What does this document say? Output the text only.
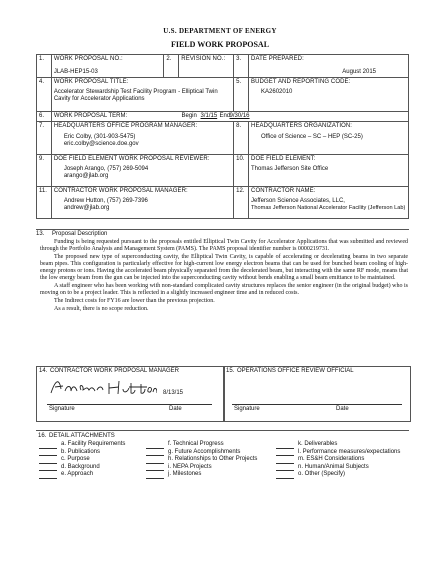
U.S. DEPARTMENT OF ENERGY
FIELD WORK PROPOSAL
1.	WORK PROPOSAL NO.:
JLAB-HEP15-03	2.	REVISION NO.:	3.	DATE PREPARED:
August 2015

4.	WORK PROPOSAL TITLE:
Accelerator Stewardship Test Facility Program - Elliptical Twin Cavity for Accelerator Applications			5.	BUDGET AND REPORTING CODE:
KA2602010

6.	WORK PROPOSAL TERM: Begin 3/1/15 End 9/30/16				

7.	HEADQUARTERS OFFICE PROGRAM MANAGER:
Eric Colby, (301-903-5475)
eric.colby@science.doe.gov			8.	HEADQUARTERS ORGANIZATION:
Office of Science – SC – HEP (SC-25)

9.	DOE FIELD ELEMENT WORK PROPOSAL REVIEWER:
Joseph Arango, (757) 269-5094
arango@jlab.org			10.	DOE FIELD ELEMENT:
Thomas Jefferson Site Office

11.	CONTRACTOR WORK PROPOSAL MANAGER:
Andrew Hutton, (757) 269-7396
andrew@jlab.org			12.	CONTRACTOR NAME:
Jefferson Science Associates, LLC,
Thomas Jefferson National Accelerator Facility (Jefferson Lab)
13. Proposal Description

Funding is being requested pursuant to the proposals entitled Elliptical Twin Cavity for Accelerator Applications that was submitted and reviewed through the Portfolio Analysis and Management System (PAMS). The PAMS proposal identifier number is 0000219731.

The proposed new type of superconducting cavity, the Elliptical Twin Cavity, is capable of accelerating or decelerating beams in two separate beam pipes. This configuration is particularly effective for high-current low energy electron beams that can be used for bunched beam cooling of high-energy protons or ions. Having the accelerated beam physically separated from the decelerated beam, but interacting with the same RF mode, means that the low energy beam from the gun can be injected into the superconducting cavity without bends enabling a small beam emittance to be maintained.

A staff engineer who has been working with non-standard complicated cavity structures replaces the senior engineer (in the original budget) who is moving on to be a project leader. This is reflected in a slightly increased engineer time and in reduced costs.

The Indirect costs for FY16 are lower than the previous projection.

As a result, there is no scope reduction.

14. CONTRACTOR WORK PROPOSAL MANAGER
8/13/15
Signature	Date
15. OPERATIONS OFFICE REVIEW OFFICIAL
Signature	Date
16. DETAIL ATTACHMENTS
a. Facility Requirements
b. Publications
c. Purpose
d. Background
e. Approach
f. Technical Progress
g. Future Accomplishments
h. Relationships to Other Projects
i. NEPA Projects
j. Milestones
k. Deliverables
l. Performance measures/expectations
m. ES&H Considerations
n. Human/Animal Subjects
o. Other (Specify)
